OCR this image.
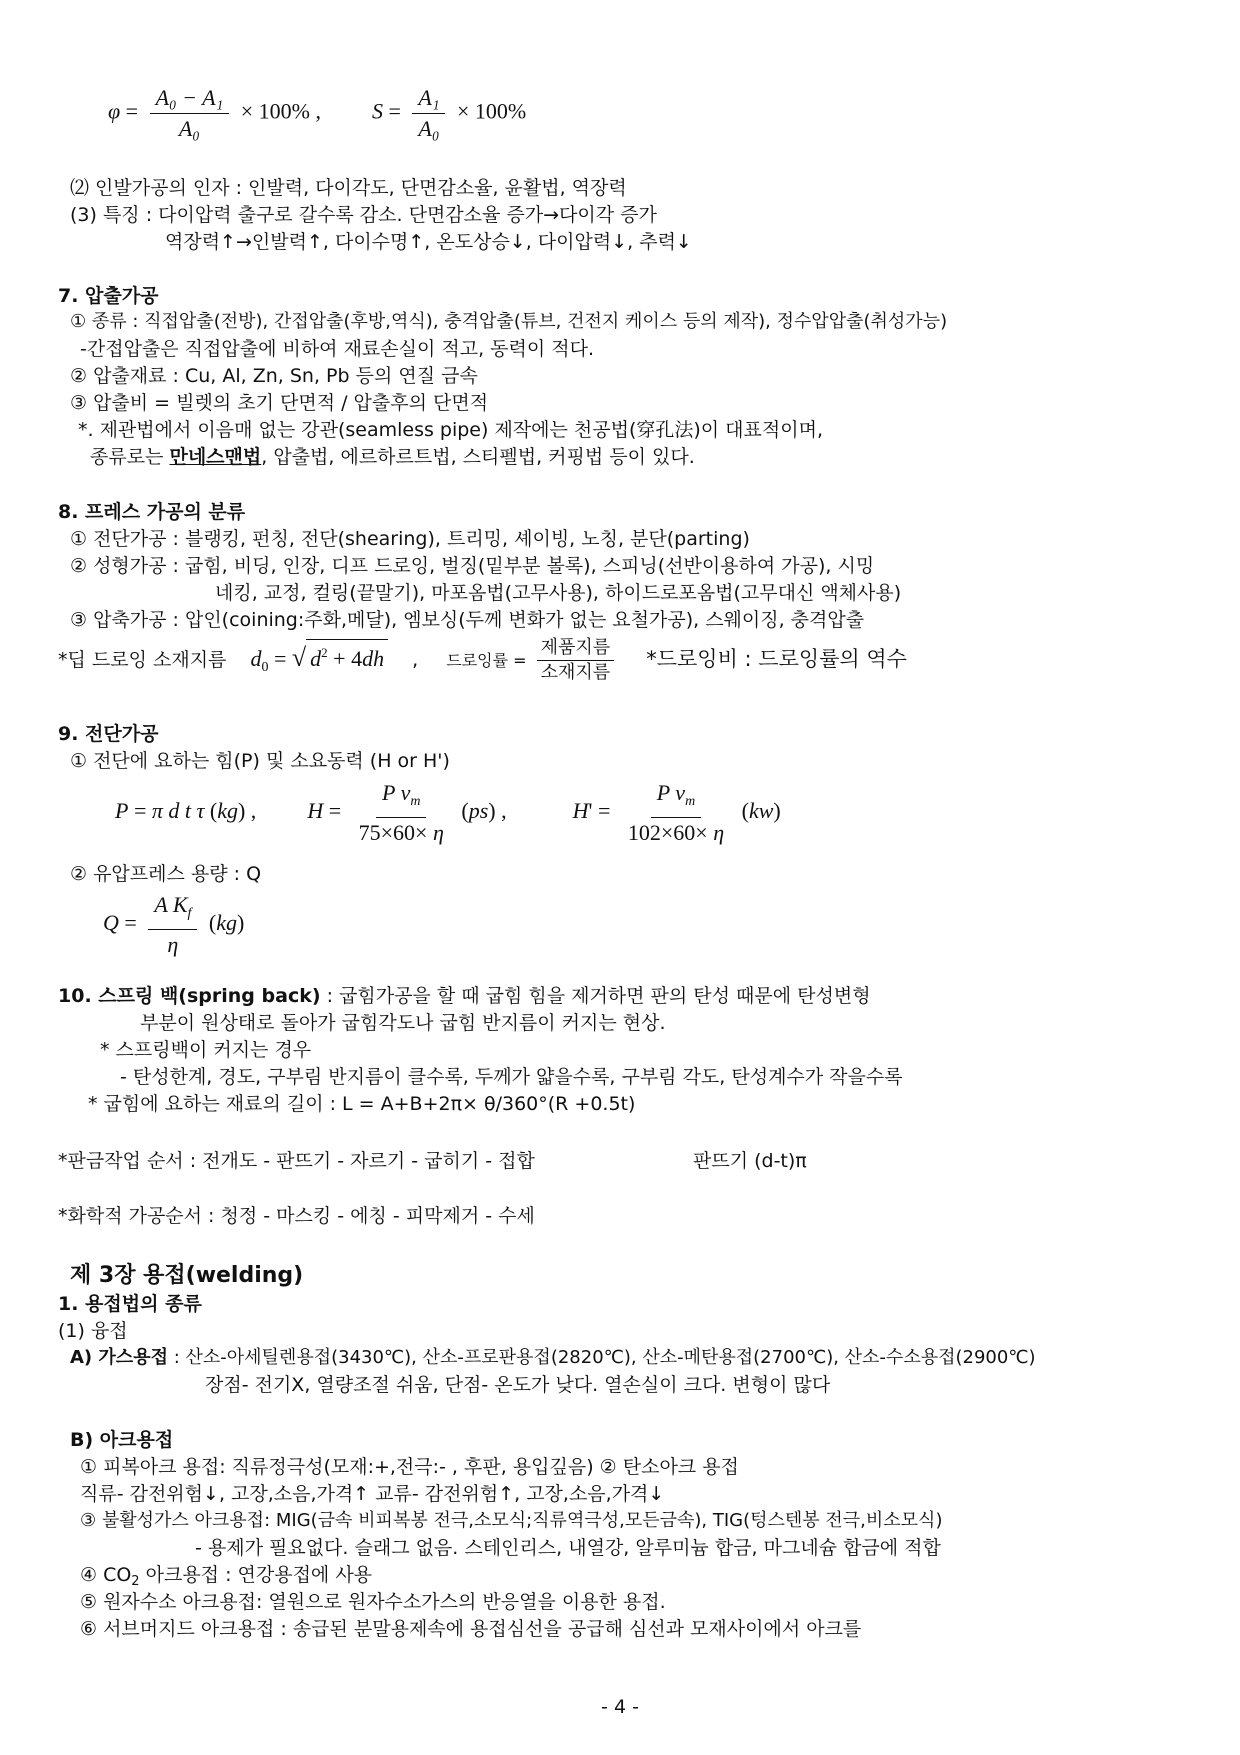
$\varphi = \frac{\text{A₀ − A₁}}{\text{A₀}} \times 100\%$ , $S = \frac{\text{A₁}}{\text{A₀}} \times 100\%$
⑵ 인발가공의 인자 : 인발력, 다이각도, 단면감소율, 윤활법, 역장력
(3) 특징 : 다이압력 출구로 갈수록 감소. 단면감소율 증가→다이각 증가
역장력↑→인발력↑, 다이수명↑, 온도상승↓, 다이압력↓, 추력↓
7. 압출가공
① 종류 : 직접압출(전방), 간접압출(후방,역식), 충격압출(튜브, 건전지 케이스 등의 제작), 정수압압출(취성가능)
-간접압출은 직접압출에 비하여 재료손실이 적고, 동력이 적다.
② 압출재료 : Cu, Al, Zn, Sn, Pb 등의 연질 금속
③ 압출비 = 빌렛의 초기 단면적 / 압출후의 단면적
*. 제관법에서 이음매 없는 강관(seamless pipe) 제작에는 천공법(穿孔法)이 대표적이며,
종류로는 만네스맨법, 압출법, 에르하르트법, 스티펠법, 커핑법 등이 있다.
8. 프레스 가공의 분류
① 전단가공 : 블랭킹, 펀칭, 전단(shearing), 트리밍, 셰이빙, 노칭, 분단(parting)
② 성형가공 : 굽힘, 비딩, 인장, 디프 드로잉, 벌징(밑부분 볼록), 스피닝(선반이용하여 가공), 시밍
네킹, 교정, 컬링(끝말기), 마포옴법(고무사용), 하이드로포옴법(고무대신 액체사용)
③ 압축가공 : 압인(coining:주화,메달), 엠보싱(두께 변화가 없는 요철가공), 스웨이징, 충격압출
*딥 드로잉 소재지름 $d_0$ = √ $d^2 + 4dh$ , 드로잉률 = $\frac{\text{제품지름}}{\text{소재지름}}$ *드로잉비 : 드로잉률의 역수
9. 전단가공
① 전단에 요하는 힘(P) 및 소요동력 (H or H')
P = π d t τ (kg) , $H = \frac{P v_m}{75\times 60\times \eta} (ps)$ ,	$H' = \frac{P v_m}{102\times 60\times \eta} (kw)$
② 유압프레스 용량 : Q
$Q = \frac{A K_f}{\eta} (kg)$
10. 스프링 백(spring back) : 굽힘가공을 할 때 굽힘 힘을 제거하면 판의 탄성 때문에 탄성변형
부분이 원상태로 돌아가 굽힘각도나 굽힘 반지름이 커지는 현상.
* 스프링백이 커지는 경우
- 탄성한계, 경도, 구부림 반지름이 클수록, 두께가 얇을수록, 구부림 각도, 탄성계수가 작을수록
* 굽힘에 요하는 재료의 길이 : L = A+B+2π× θ/360°(R +0.5t)
*판금작업 순서 : 전개도 - 판뜨기 - 자르기 - 굽히기 - 접합	판뜨기 (d-t)π
*화학적 가공순서 : 청정 - 마스킹 - 에칭 - 피막제거 - 수세
제 3장 용접(welding)
1. 용접법의 종류
(1) 융접
A) 가스용접 : 산소-아세틸렌용접(3430℃), 산소-프로판용접(2820℃), 산소-메탄용접(2700℃), 산소-수소용접(2900℃)
장점- 전기X, 열량조절 쉬움, 단점- 온도가 낮다. 열손실이 크다. 변형이 많다
B) 아크용접
① 피복아크 용접: 직류정극성(모재:+,전극:- , 후판, 용입깊음) ② 탄소아크 용접
직류- 감전위험↓, 고장,소음,가격↑ 교류- 감전위험↑, 고장,소음,가격↓
③ 불활성가스 아크용접: MIG(금속 비피복봉 전극,소모식;직류역극성,모든금속), TIG(텅스텐봉 전극,비소모식)
- 용제가 필요없다. 슬래그 없음. 스테인리스, 내열강, 알루미늄 합금, 마그네슘 합금에 적합
④ $CO_2$ 아크용접 : 연강용접에 사용
⑤ 원자수소 아크용접: 열원으로 원자수소가스의 반응열을 이용한 용접.
⑥ 서브머지드 아크용접 : 송급된 분말용제속에 용접심선을 공급해 심선과 모재사이에서 아크를
- 4 -
